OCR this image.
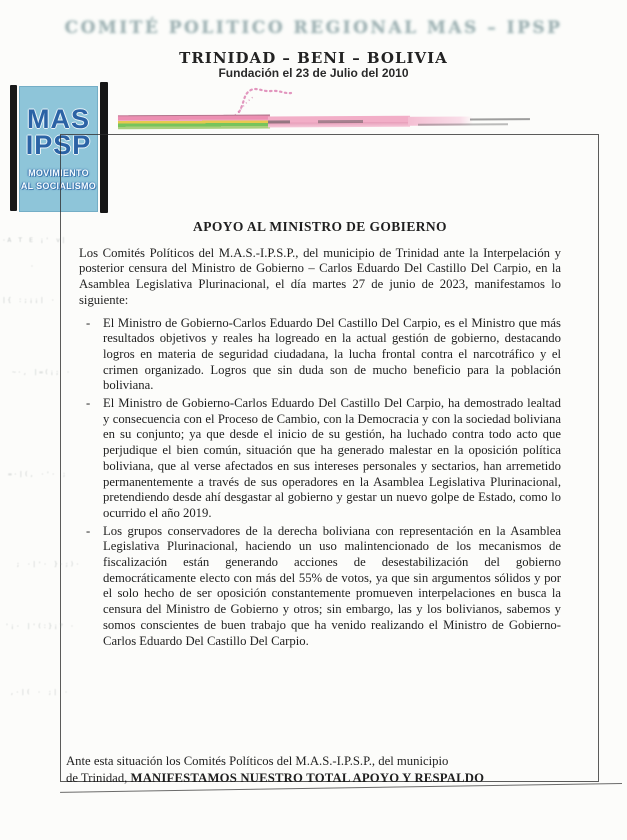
COMITÉ POLITICO REGIONAL MAS – IPSP
TRINIDAD – BENI – BOLIVIA
Fundación el 23 de Julio del 2010
MAS
IPSP
MOVIMIENTO
AL SOCIALISMO
APOYO AL MINISTRO DE GOBIERNO
Los Comités Políticos del M.A.S.-I.P.S.P., del municipio de Trinidad ante la Interpelación y posterior censura del Ministro de Gobierno – Carlos Eduardo Del Castillo Del Carpio, en la Asamblea Legislativa Plurinacional, el día martes 27 de junio de 2023, manifestamos lo siguiente:
-	El Ministro de Gobierno-Carlos Eduardo Del Castillo Del Carpio, es el Ministro que más resultados objetivos y reales ha logreado en la actual gestión de gobierno, destacando logros en materia de seguridad ciudadana, la lucha frontal contra el narcotráfico y el crimen organizado. Logros que sin duda son de mucho beneficio para la población boliviana.
-	El Ministro de Gobierno-Carlos Eduardo Del Castillo Del Carpio, ha demostrado lealtad y consecuencia con el Proceso de Cambio, con la Democracia y con la sociedad boliviana en su conjunto; ya que desde el inicio de su gestión, ha luchado contra todo acto que perjudique el bien común, situación que ha generado malestar en la oposición política boliviana, que al verse afectados en sus intereses personales y sectarios, han arremetido permanentemente a través de sus operadores en la Asamblea Legislativa Plurinacional, pretendiendo desde ahí desgastar al gobierno y gestar un nuevo golpe de Estado, como lo ocurrido el año 2019.
-	Los grupos conservadores de la derecha boliviana con representación en la Asamblea Legislativa Plurinacional, haciendo un uso malintencionado de los mecanismos de fiscalización están generando acciones de desestabilización del gobierno democráticamente electo con más del 55% de votos, ya que sin argumentos sólidos y por el solo hecho de ser oposición constantemente promueven interpelaciones en busca la censura del Ministro de Gobierno y otros; sin embargo, las y los bolivianos, sabemos y somos conscientes de buen trabajo que ha venido realizando el Ministro de Gobierno-Carlos Eduardo Del Castillo Del Carpio.
Ante esta situación los Comités Políticos del M.A.S.-I.P.S.P., del municipio
de Trinidad, MANIFESTAMOS NUESTRO TOTAL APOYO Y RESPALDO
·A T E ¡' v|
·
|{ :;¡¡| ·
~·, |=(¡; ·
=·|(, ·'· ;
; ·|'· }·;)·
'¡· |'(:}¡? ·
,·|( · ;| ·
